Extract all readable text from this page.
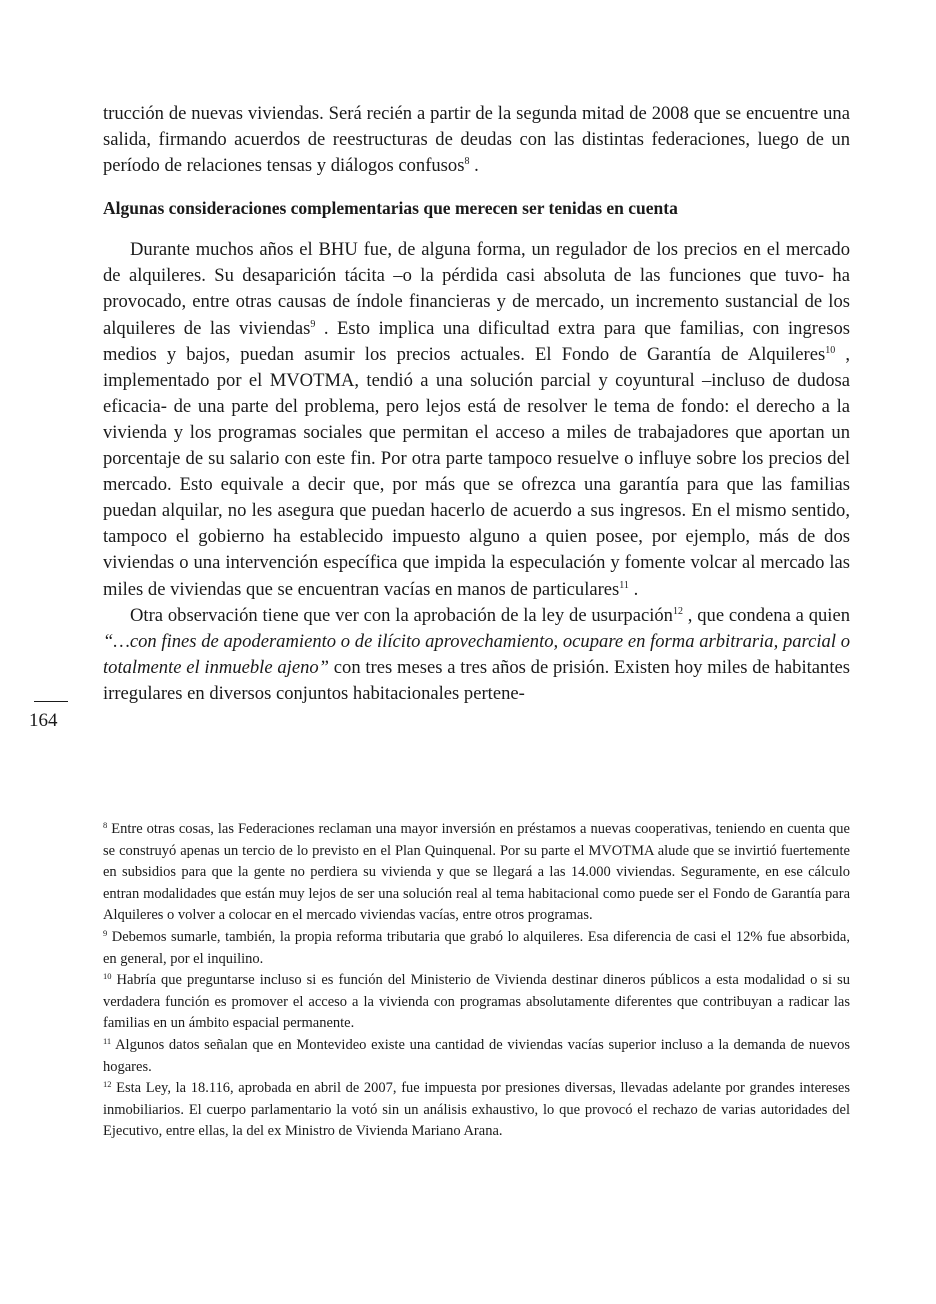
trucción de nuevas viviendas. Será recién a partir de la segunda mitad de 2008 que se encuentre una salida, firmando acuerdos de reestructuras de deudas con las distintas federaciones, luego de un período de relaciones tensas y diálogos confusos$^8$ .

Algunas consideraciones complementarias que merecen ser tenidas en cuenta

Durante muchos años el BHU fue, de alguna forma, un regulador de los precios en el mercado de alquileres. Su desaparición tácita –o la pérdida casi absoluta de las funciones que tuvo- ha provocado, entre otras causas de índole financieras y de mercado, un incremento sustancial de los alquileres de las viviendas$^9$ . Esto implica una dificultad extra para que familias, con ingresos medios y bajos, puedan asumir los precios actuales. El Fondo de Garantía de Alquileres$^{10}$ , implementado por el MVOTMA, tendió a una solución parcial y coyuntural –incluso de dudosa eficacia- de una parte del problema, pero lejos está de resolver le tema de fondo: el derecho a la vivienda y los programas sociales que permitan el acceso a miles de trabajadores que aportan un porcentaje de su salario con este fin. Por otra parte tampoco resuelve o influye sobre los precios del mercado. Esto equivale a decir que, por más que se ofrezca una garantía para que las familias puedan alquilar, no les asegura que puedan hacerlo de acuerdo a sus ingresos. En el mismo sentido, tampoco el gobierno ha establecido impuesto alguno a quien posee, por ejemplo, más de dos viviendas o una intervención específica que impida la especulación y fomente volcar al mercado las miles de viviendas que se encuentran vacías en manos de particulares$^{11}$ .

Otra observación tiene que ver con la aprobación de la ley de usurpación$^{12}$ , que condena a quien “…con fines de apoderamiento o de ilícito aprovechamiento, ocupare en forma arbitraria, parcial o totalmente el inmueble ajeno” con tres meses a tres años de prisión. Existen hoy miles de habitantes irregulares en diversos conjuntos habitacionales pertene-

164

$^8$ Entre otras cosas, las Federaciones reclaman una mayor inversión en préstamos a nuevas cooperativas, teniendo en cuenta que se construyó apenas un tercio de lo previsto en el Plan Quinquenal. Por su parte el MVOTMA alude que se invirtió fuertemente en subsidios para que la gente no perdiera su vivienda y que se llegará a las 14.000 viviendas. Seguramente, en ese cálculo entran modalidades que están muy lejos de ser una solución real al tema habitacional como puede ser el Fondo de Garantía para Alquileres o volver a colocar en el mercado viviendas vacías, entre otros programas.

$^9$ Debemos sumarle, también, la propia reforma tributaria que grabó lo alquileres. Esa diferencia de casi el 12% fue absorbida, en general, por el inquilino.

$^{10}$ Habría que preguntarse incluso si es función del Ministerio de Vivienda destinar dineros públicos a esta modalidad o si su verdadera función es promover el acceso a la vivienda con programas absolutamente diferentes que contribuyan a radicar las familias en un ámbito espacial permanente.

$^{11}$ Algunos datos señalan que en Montevideo existe una cantidad de viviendas vacías superior incluso a la demanda de nuevos hogares.

$^{12}$ Esta Ley, la 18.116, aprobada en abril de 2007, fue impuesta por presiones diversas, llevadas adelante por grandes intereses inmobiliarios. El cuerpo parlamentario la votó sin un análisis exhaustivo, lo que provocó el rechazo de varias autoridades del Ejecutivo, entre ellas, la del ex Ministro de Vivienda Mariano Arana.
